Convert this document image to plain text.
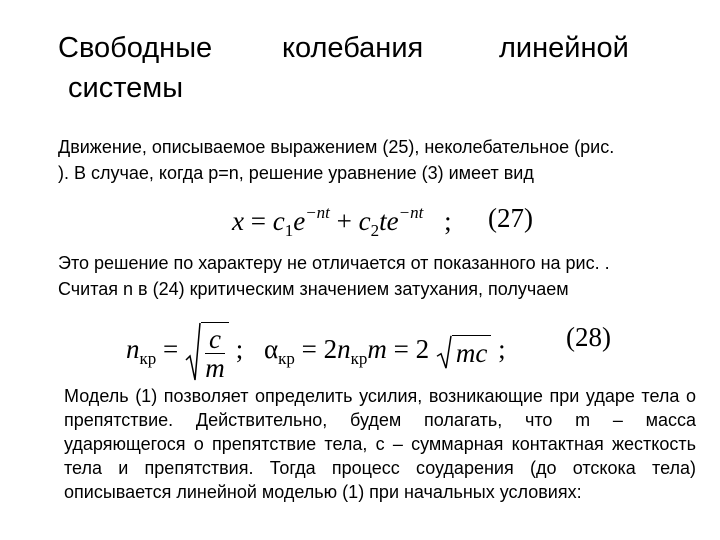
Свободные колебания	линейной
системы
Движение, описываемое выражением (25), неколебательное (рис.
). В случае, когда p=n, решение уравнение (3) имеет вид
$x = c_1e^{-nt} + c_2te^{-nt}$ ; (27)
Это решение по характеру не отличается от показанного на рис. .
Считая n в (24) критическим значением затухания, получаем
$n_{кр} = \frac{c}{m}$ ; $\alpha_{кр} = 2n_{кр}m = 2$
mc ; (28)
Модель (1) позволяет определить усилия, возникающие при ударе тела о препятствие. Действительно, будем полагать, что m – масса ударяющегося о препятствие тела, c – суммарная контактная жесткость тела и препятствия. Тогда процесс соударения (до отскока тела) описывается линейной моделью (1) при начальных условиях:
